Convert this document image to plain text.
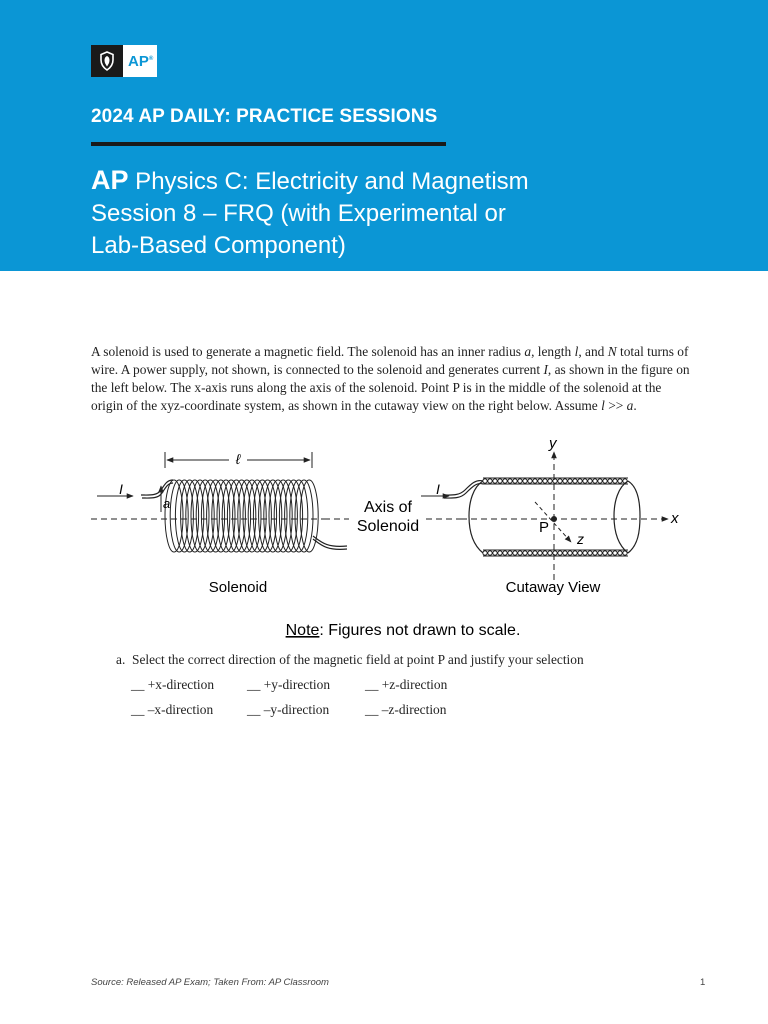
AP®
2024 AP DAILY: PRACTICE SESSIONS
AP Physics C: Electricity and Magnetism
Session 8 – FRQ (with Experimental or
Lab-Based Component)
A solenoid is used to generate a magnetic field. The solenoid has an inner radius a, length l, and N total turns of wire. A power supply, not shown, is connected to the solenoid and generates current I, as shown in the figure on the left below. The x-axis runs along the axis of the solenoid. Point P is in the middle of the solenoid at the origin of the xyz-coordinate system, as shown in the cutaway view on the right below. Assume l >> a.
ℓ
I
a	Axis of
Solenoid
Solenoid
I
x
y
z
P
Cutaway View
Note: Figures not drawn to scale.
a. Select the correct direction of the magnetic field at point P and justify your selection
__ +x-direction	__ +y-direction	__ +z-direction
__ –x-direction	__ –y-direction	__ –z-direction
Source: Released AP Exam; Taken From: AP Classroom	1
